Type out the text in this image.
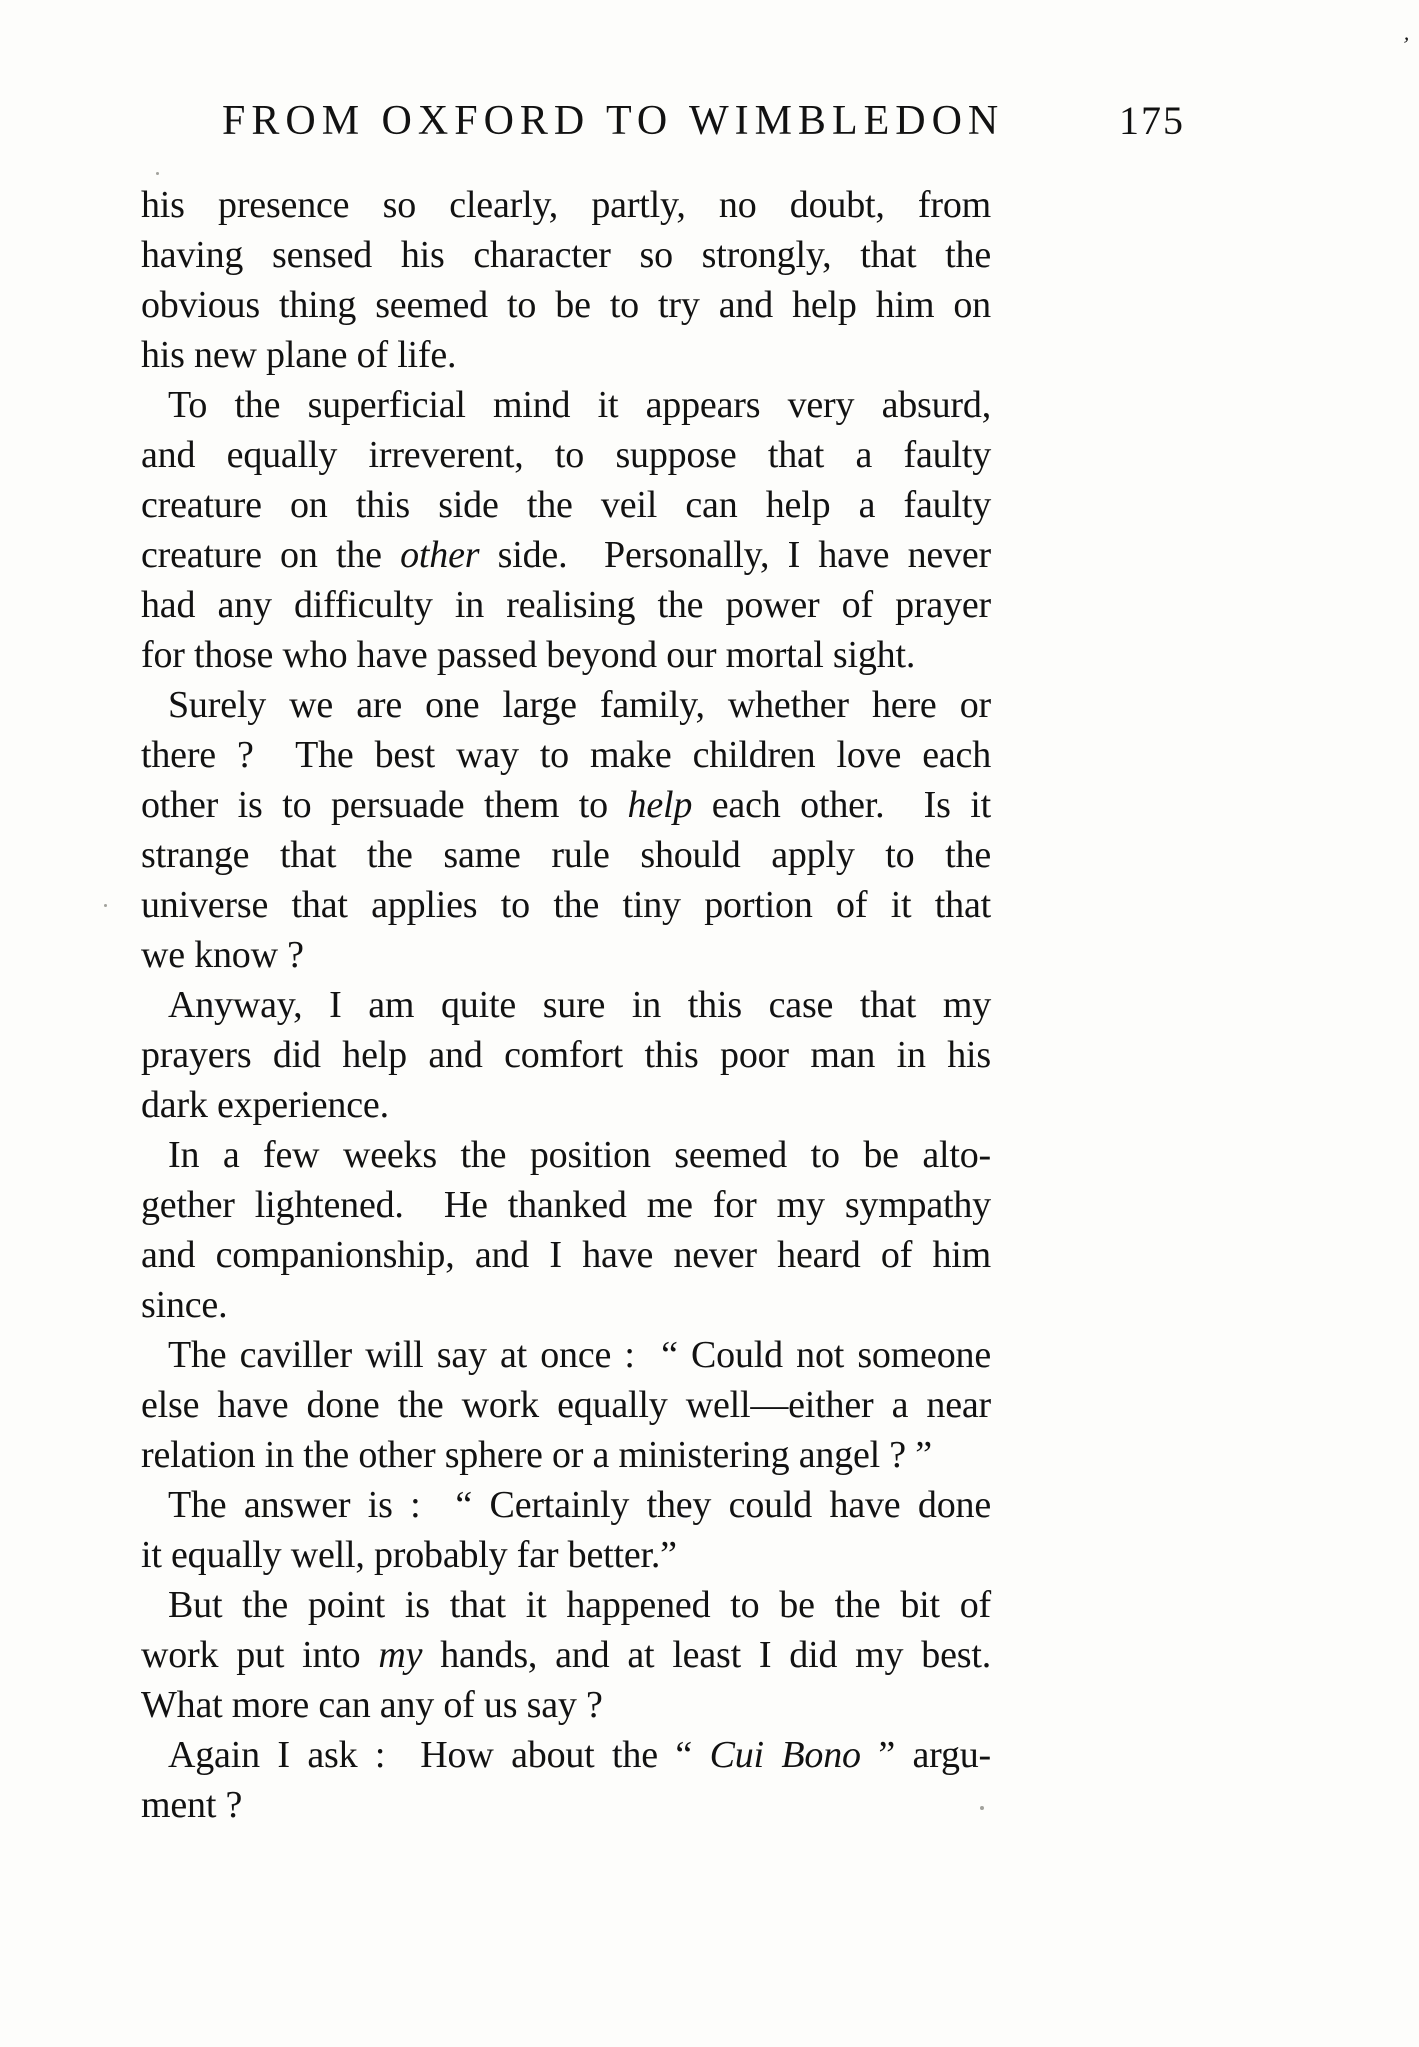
FROM OXFORD TO WIMBLEDON	175
his presence so clearly, partly, no doubt, from
having sensed his character so strongly, that the
obvious thing seemed to be to try and help him on
his new plane of life.
To the superficial mind it appears very absurd,
and equally irreverent, to suppose that a faulty
creature on this side the veil can help a faulty
creature on the other side.  Personally, I have never
had any difficulty in realising the power of prayer
for those who have passed beyond our mortal sight.
Surely we are one large family, whether here or
there ?  The best way to make children love each
other is to persuade them to help each other.  Is it
strange that the same rule should apply to the
universe that applies to the tiny portion of it that
we know ?
Anyway, I am quite sure in this case that my
prayers did help and comfort this poor man in his
dark experience.
In a few weeks the position seemed to be alto-
gether lightened.  He thanked me for my sympathy
and companionship, and I have never heard of him
since.
The caviller will say at once :  “ Could not someone
else have done the work equally well—either a near
relation in the other sphere or a ministering angel ? ”
The answer is :  “ Certainly they could have done
it equally well, probably far better.”
But the point is that it happened to be the bit of
work put into my hands, and at least I did my best.
What more can any of us say ?
Again I ask :  How about the “ Cui Bono ” argu-
ment ?
’
